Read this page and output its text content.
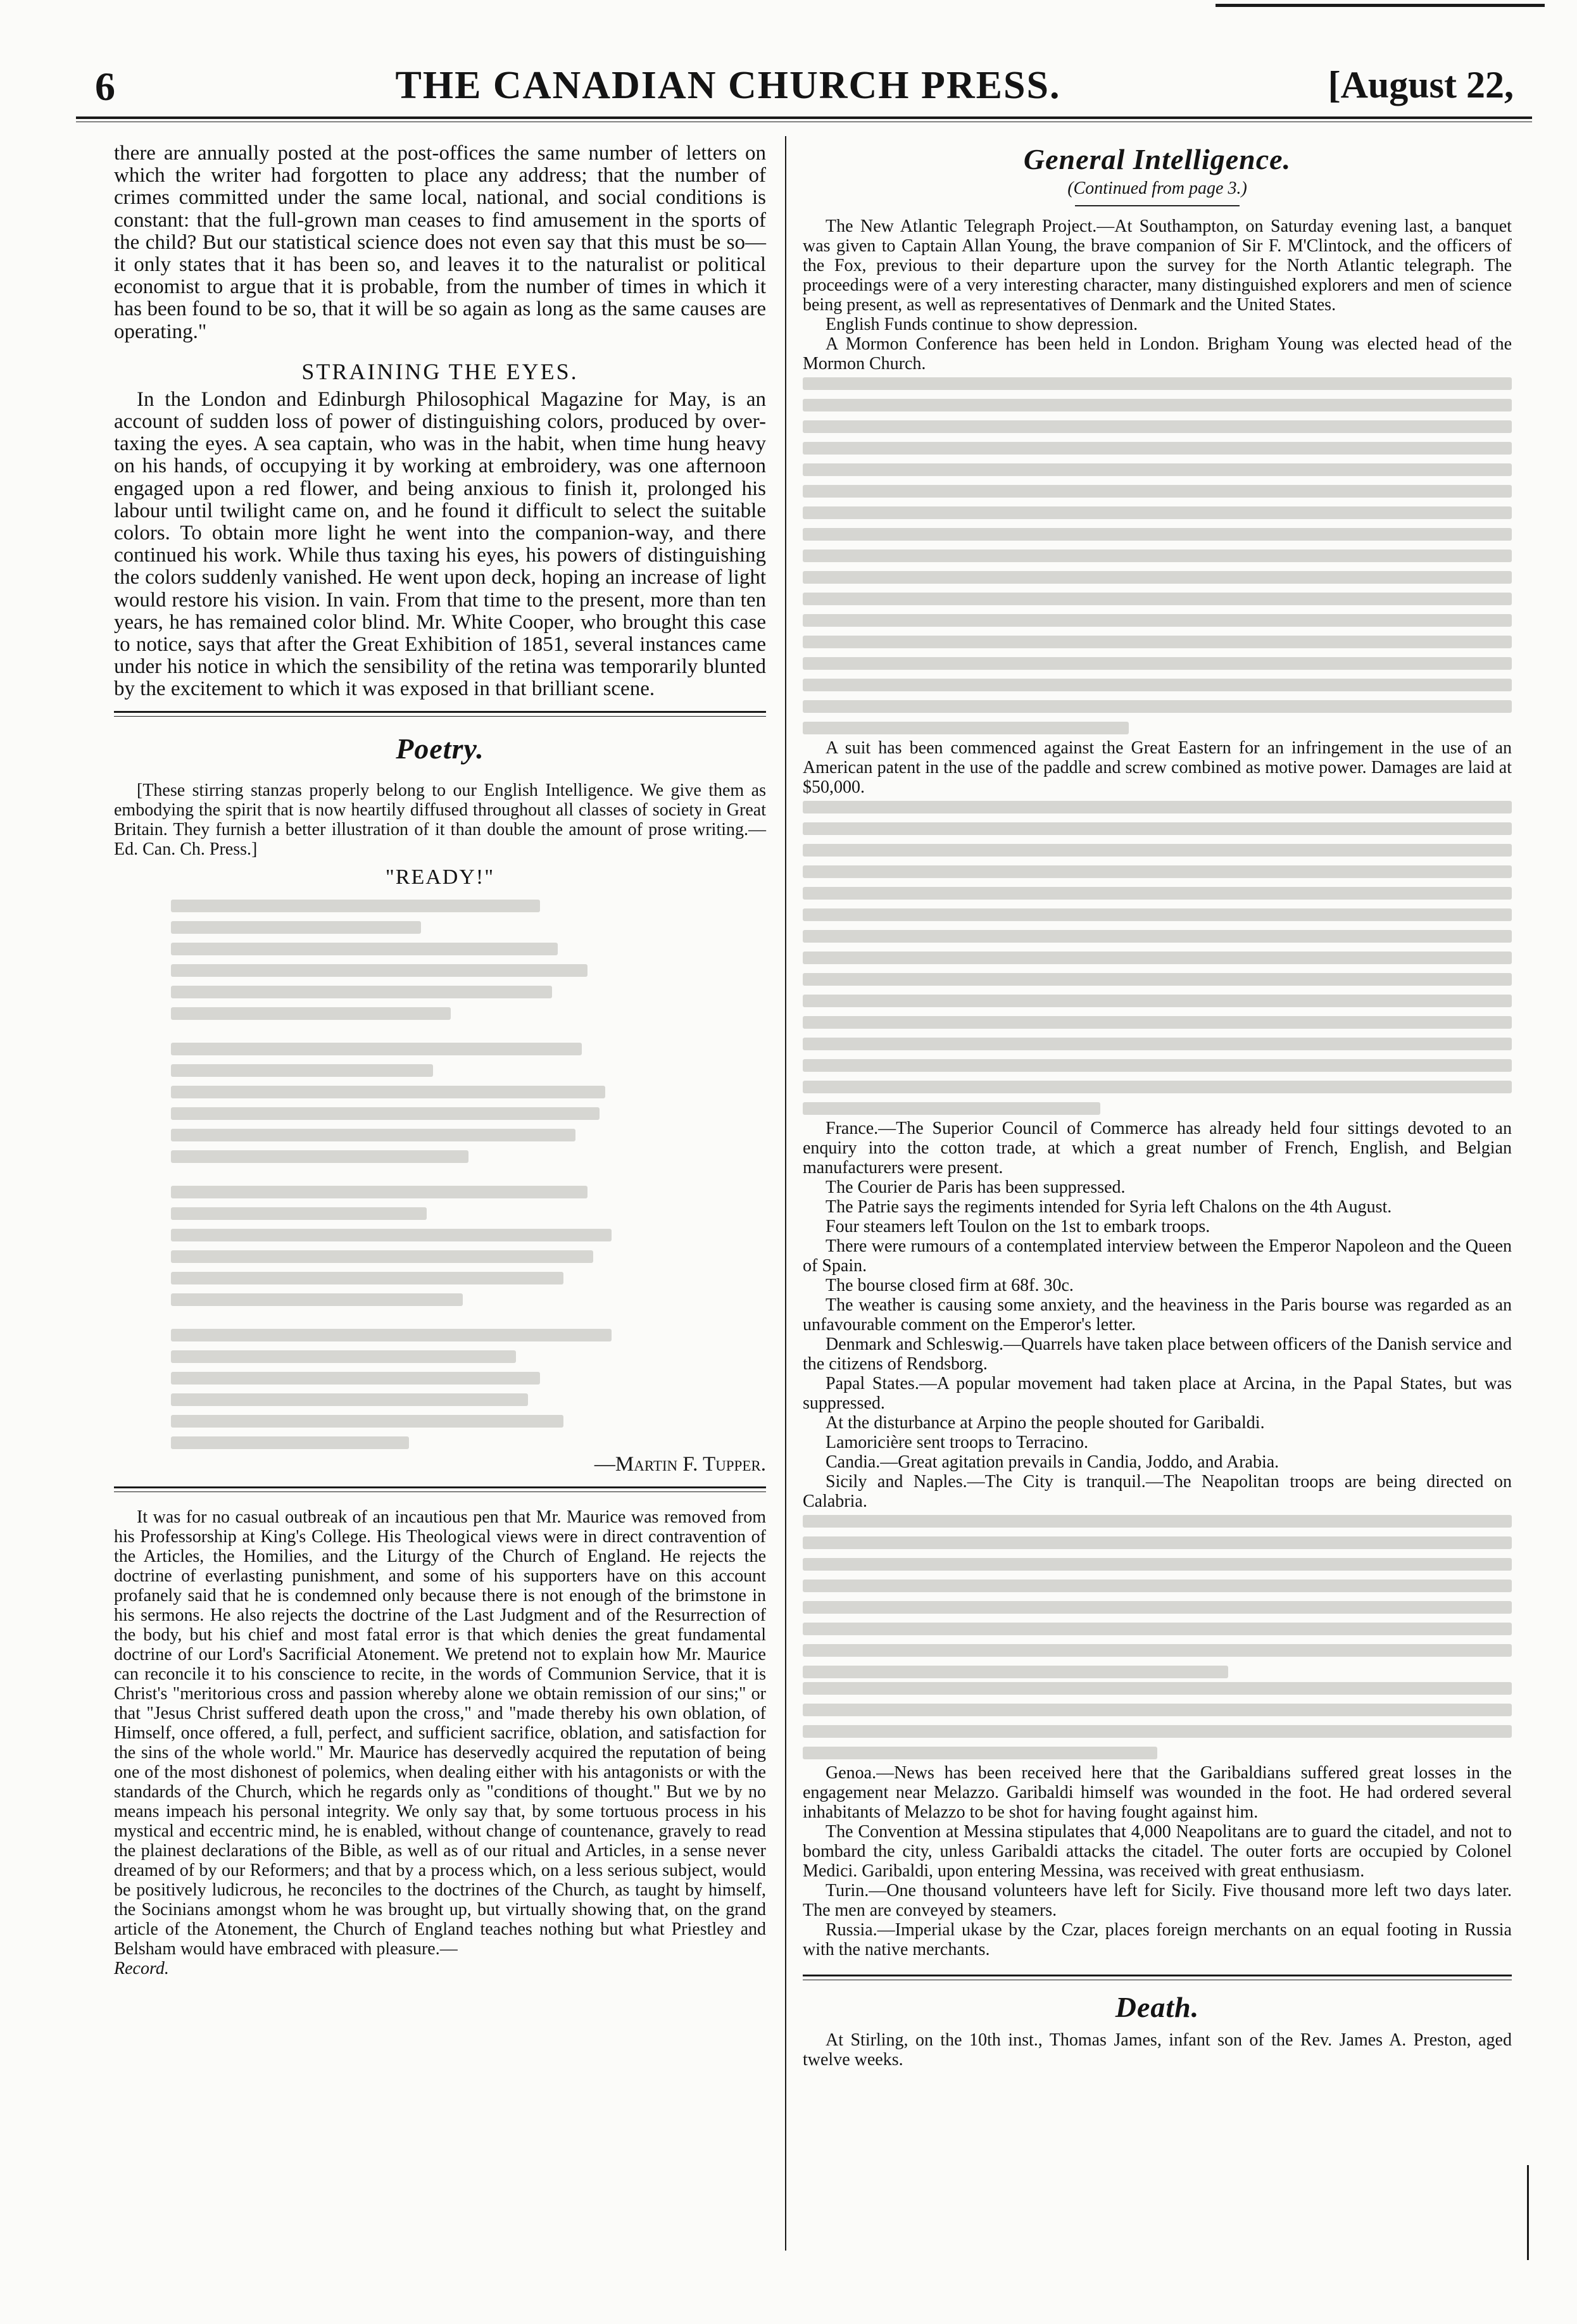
6	THE CANADIAN CHURCH PRESS.	[August 22,

there are annually posted at the post-offices the same number of letters on which the writer had forgotten to place any address; that the number of crimes committed under the same local, national, and social conditions is constant: that the full-grown man ceases to find amusement in the sports of the child? But our statistical science does not even say that this must be so—it only states that it has been so, and leaves it to the naturalist or political economist to argue that it is probable, from the number of times in which it has been found to be so, that it will be so again as long as the same causes are operating."

STRAINING THE EYES.

In the London and Edinburgh Philosophical Magazine for May, is an account of sudden loss of power of distinguishing colors, produced by over-taxing the eyes. A sea captain, who was in the habit, when time hung heavy on his hands, of occupying it by working at embroidery, was one afternoon engaged upon a red flower, and being anxious to finish it, prolonged his labour until twilight came on, and he found it difficult to select the suitable colors. To obtain more light he went into the companion-way, and there continued his work. While thus taxing his eyes, his powers of distinguishing the colors suddenly vanished. He went upon deck, hoping an increase of light would restore his vision. In vain. From that time to the present, more than ten years, he has remained color blind. Mr. White Cooper, who brought this case to notice, says that after the Great Exhibition of 1851, several instances came under his notice in which the sensibility of the retina was temporarily blunted by the excitement to which it was exposed in that brilliant scene.

Poetry.

[These stirring stanzas properly belong to our English Intelligence. We give them as embodying the spirit that is now heartily diffused throughout all classes of society in Great Britain. They furnish a better illustration of it than double the amount of prose writing.—Ed. Can. Ch. Press.]

"READY!"

—Martin F. Tupper.

It was for no casual outbreak of an incautious pen that Mr. Maurice was removed from his Professorship at King's College. His Theological views were in direct contravention of the Articles, the Homilies, and the Liturgy of the Church of England. He rejects the doctrine of everlasting punishment, and some of his supporters have on this account profanely said that he is condemned only because there is not enough of the brimstone in his sermons. He also rejects the doctrine of the Last Judgment and of the Resurrection of the body, but his chief and most fatal error is that which denies the great fundamental doctrine of our Lord's Sacrificial Atonement. We pretend not to explain how Mr. Maurice can reconcile it to his conscience to recite, in the words of Communion Service, that it is Christ's "meritorious cross and passion whereby alone we obtain remission of our sins;" or that "Jesus Christ suffered death upon the cross," and "made thereby his own oblation, of Himself, once offered, a full, perfect, and sufficient sacrifice, oblation, and satisfaction for the sins of the whole world." Mr. Maurice has deservedly acquired the reputation of being one of the most dishonest of polemics, when dealing either with his antagonists or with the standards of the Church, which he regards only as "conditions of thought." But we by no means impeach his personal integrity. We only say that, by some tortuous process in his mystical and eccentric mind, he is enabled, without change of countenance, gravely to read the plainest declarations of the Bible, as well as of our ritual and Articles, in a sense never dreamed of by our Reformers; and that by a process which, on a less serious subject, would be positively ludicrous, he reconciles to the doctrines of the Church, as taught by himself, the Socinians amongst whom he was brought up, but virtually showing that, on the grand article of the Atonement, the Church of England teaches nothing but what Priestley and Belsham would have embraced with pleasure.—

Record.

General Intelligence.

(Continued from page 3.)

The New Atlantic Telegraph Project.—At Southampton, on Saturday evening last, a banquet was given to Captain Allan Young, the brave companion of Sir F. M'Clintock, and the officers of the Fox, previous to their departure upon the survey for the North Atlantic telegraph. The proceedings were of a very interesting character, many distinguished explorers and men of science being present, as well as representatives of Denmark and the United States.

English Funds continue to show depression.

A Mormon Conference has been held in London. Brigham Young was elected head of the Mormon Church.

A suit has been commenced against the Great Eastern for an infringement in the use of an American patent in the use of the paddle and screw combined as motive power. Damages are laid at $50,000.

France.—The Superior Council of Commerce has already held four sittings devoted to an enquiry into the cotton trade, at which a great number of French, English, and Belgian manufacturers were present.

The Courier de Paris has been suppressed.

The Patrie says the regiments intended for Syria left Chalons on the 4th August.

Four steamers left Toulon on the 1st to embark troops.

There were rumours of a contemplated interview between the Emperor Napoleon and the Queen of Spain.

The bourse closed firm at 68f. 30c.

The weather is causing some anxiety, and the heaviness in the Paris bourse was regarded as an unfavourable comment on the Emperor's letter.

Denmark and Schleswig.—Quarrels have taken place between officers of the Danish service and the citizens of Rendsborg.

Papal States.—A popular movement had taken place at Arcina, in the Papal States, but was suppressed.

At the disturbance at Arpino the people shouted for Garibaldi.

Lamoricière sent troops to Terracino.

Candia.—Great agitation prevails in Candia, Joddo, and Arabia.

Sicily and Naples.—The City is tranquil.—The Neapolitan troops are being directed on Calabria.

Genoa.—News has been received here that the Garibaldians suffered great losses in the engagement near Melazzo. Garibaldi himself was wounded in the foot. He had ordered several inhabitants of Melazzo to be shot for having fought against him.

The Convention at Messina stipulates that 4,000 Neapolitans are to guard the citadel, and not to bombard the city, unless Garibaldi attacks the citadel. The outer forts are occupied by Colonel Medici. Garibaldi, upon entering Messina, was received with great enthusiasm.

Turin.—One thousand volunteers have left for Sicily. Five thousand more left two days later. The men are conveyed by steamers.

Russia.—Imperial ukase by the Czar, places foreign merchants on an equal footing in Russia with the native merchants.

Death.

At Stirling, on the 10th inst., Thomas James, infant son of the Rev. James A. Preston, aged twelve weeks.
